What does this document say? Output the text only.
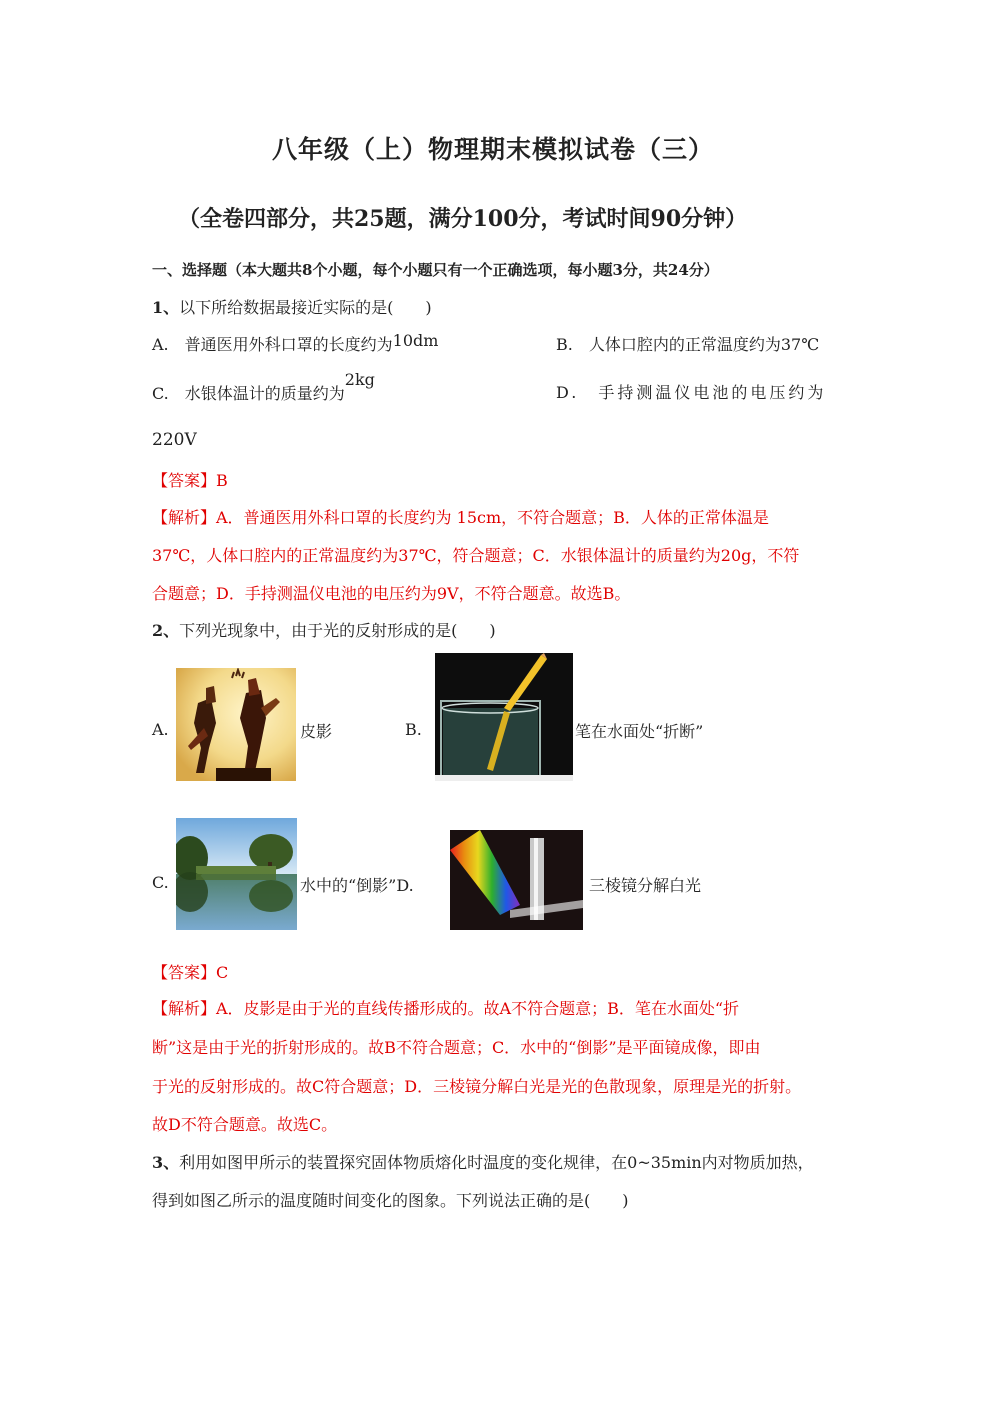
八年级（上）物理期末模拟试卷（三）
（全卷四部分，共25题，满分100分，考试时间90分钟）
一、选择题（本大题共8个小题，每个小题只有一个正确选项，每小题3分，共24分）
1、以下所给数据最接近实际的是(　　)
A.　普通医用外科口罩的长度约为10dm	B.　人体口腔内的正常温度约为37℃
C.　水银体温计的质量约为2kg
D.　手持测温仪电池的电压约为
220V
【答案】B
【解析】A．普通医用外科口罩的长度约为 15cm，不符合题意；B．人体的正常体温是
37℃，人体口腔内的正常温度约为37℃，符合题意；C．水银体温计的质量约为20g，不符
合题意；D．手持测温仪电池的电压约为9V，不符合题意。故选B。
2、下列光现象中，由于光的反射形成的是(　　)
A.	皮影	B.	笔在水面处“折断”
C.	水中的“倒影”D.	三棱镜分解白光
【答案】C
【解析】A．皮影是由于光的直线传播形成的。故A不符合题意；B．笔在水面处“折
断”这是由于光的折射形成的。故B不符合题意；C．水中的“倒影”是平面镜成像，即由
于光的反射形成的。故C符合题意；D．三棱镜分解白光是光的色散现象，原理是光的折射。
故D不符合题意。故选C。
3、利用如图甲所示的装置探究固体物质熔化时温度的变化规律，在0~35min内对物质加热，
得到如图乙所示的温度随时间变化的图象。下列说法正确的是(　　)
